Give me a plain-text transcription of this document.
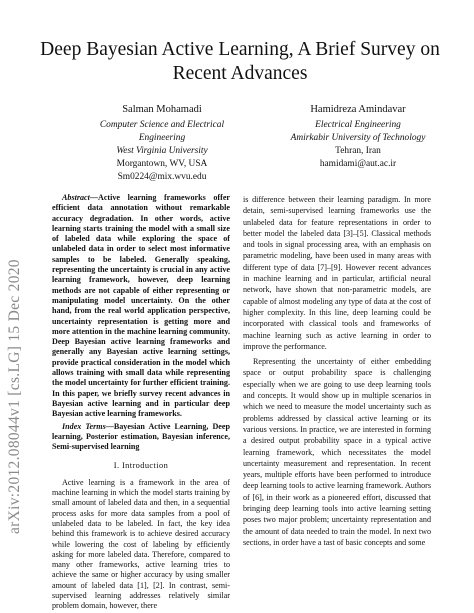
arXiv:2012.08044v1 [cs.LG] 15 Dec 2020
Deep Bayesian Active Learning, A Brief Survey on Recent Advances
Salman Mohamadi
Computer Science and Electrical Engineering
West Virginia University
Morgantown, WV, USA
Sm0224@mix.wvu.edu
Hamidreza Amindavar
Electrical Engineering
Amirkabir University of Technology
Tehran, Iran
hamidami@aut.ac.ir

Abstract—Active learning frameworks offer efficient data annotation without remarkable accuracy degradation. In other words, active learning starts training the model with a small size of labeled data while exploring the space of unlabeled data in order to select most informative samples to be labeled. Generally speaking, representing the uncertainty is crucial in any active learning framework, however, deep learning methods are not capable of either representing or manipulating model uncertainty. On the other hand, from the real world application perspective, uncertainty representation is getting more and more attention in the machine learning community. Deep Bayesian active learning frameworks and generally any Bayesian active learning settings, provide practical consideration in the model which allows training with small data while representing the model uncertainty for further efficient training. In this paper, we briefly survey recent advances in Bayesian active learning and in particular deep Bayesian active learning frameworks.

Index Terms—Bayesian Active Learning, Deep learning, Posterior estimation, Bayesian inference, Semi-supervised learning

I. Introduction

Active learning is a framework in the area of machine learning in which the model starts training by small amount of labeled data and then, in a sequential process asks for more data samples from a pool of unlabeled data to be labeled. In fact, the key idea behind this framework is to achieve desired accuracy while lowering the cost of labeling by efficiently asking for more labeled data. Therefore, compared to many other frameworks, active learning tries to achieve the same or higher accuracy by using smaller amount of labeled data [1], [2]. In contrast, semi-supervised learning addresses relatively similar problem domain, however, there

is difference between their learning paradigm. In more detain, semi-supervised learning frameworks use the unlabeled data for feature representations in order to better model the labeled data [3]–[5]. Classical methods and tools in signal processing area, with an emphasis on parametric modeling, have been used in many areas with different type of data [7]–[9]. However recent advances in machine learning and in particular, artificial neural network, have shown that non-parametric models, are capable of almost modeling any type of data at the cost of higher complexity. In this line, deep learning could be incorporated with classical tools and frameworks of machine learning such as active learning in order to improve the performance.

Representing the uncertainty of either embedding space or output probability space is challenging especially when we are going to use deep learning tools and concepts. It would show up in multiple scenarios in which we need to measure the model uncertainty such as problems addressed by classical active learning or its various versions. In practice, we are interested in forming a desired output probability space in a typical active learning framework, which necessitates the model uncertainty measurement and representation. In recent years, multiple efforts have been performed to introduce deep learning tools to active learning framework. Authors of [6], in their work as a pioneered effort, discussed that bringing deep learning tools into active learning setting poses two major problem; uncertainty representation and the amount of data needed to train the model. In next two sections, in order have a tast of basic concepts and some
